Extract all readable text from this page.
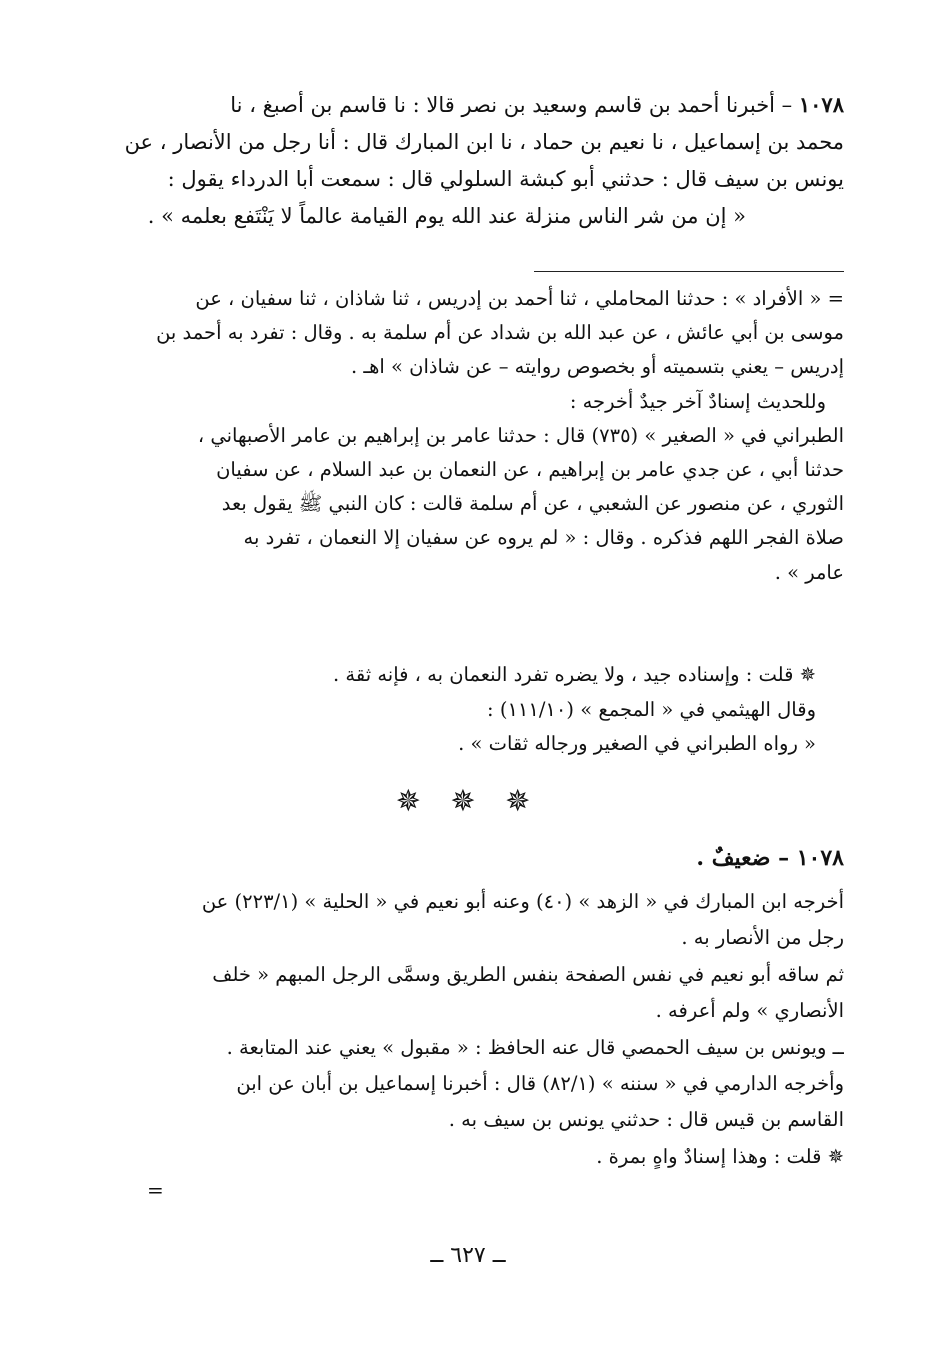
١٠٧٨ – أخبرنا أحمد بن قاسم وسعيد بن نصر قالا : نا قاسم بن أصبغ ، نا
محمد بن إسماعيل ، نا نعيم بن حماد ، نا ابن المبارك قال : أنا رجل من الأنصار ، عن
يونس بن سيف قال : حدثني أبو كبشة السلولي قال : سمعت أبا الدرداء يقول :
« إن من شر الناس منزلة عند الله يوم القيامة عالماً لا يَنْتَفع بعلمه » .
= « الأفراد » : حدثنا المحاملي ، ثنا أحمد بن إدريس ، ثنا شاذان ، ثنا سفيان ، عن
موسى بن أبي عائش ، عن عبد الله بن شداد عن أم سلمة به . وقال : تفرد به أحمد بن
إدريس – يعني بتسميته أو بخصوص روايته – عن شاذان » اهـ .
وللحديث إسنادٌ آخر جيدٌ أخرجه :
الطبراني في « الصغير » (٧٣٥) قال : حدثنا عامر بن إبراهيم بن عامر الأصبهاني ،
حدثنا أبي ، عن جدي عامر بن إبراهيم ، عن النعمان بن عبد السلام ، عن سفيان
الثوري ، عن منصور عن الشعبي ، عن أم سلمة قالت : كان النبي ﷺ يقول بعد
صلاة الفجر اللهم فذكره . وقال : « لم يروه عن سفيان إلا النعمان ، تفرد به
عامر » .
✵ قلت : وإسناده جيد ، ولا يضره تفرد النعمان به ، فإنه ثقة .
وقال الهيثمي في « المجمع » (١١١/١٠) :
« رواه الطبراني في الصغير ورجاله ثقات » .
✵ ✵ ✵
١٠٧٨ – ضعيفٌ .
أخرجه ابن المبارك في « الزهد » (٤٠) وعنه أبو نعيم في « الحلية » (٢٢٣/١) عن
رجل من الأنصار به .
ثم ساقه أبو نعيم في نفس الصفحة بنفس الطريق وسمَّى الرجل المبهم « خلف
الأنصاري » ولم أعرفه .
ــ ويونس بن سيف الحمصي قال عنه الحافظ : « مقبول » يعني عند المتابعة .
وأخرجه الدارمي في « سننه » (٨٢/١) قال : أخبرنا إسماعيل بن أبان عن ابن
القاسم بن قيس قال : حدثني يونس بن سيف به .
✵ قلت : وهذا إسنادٌ واهٍ بمرة .
=
ــ ٦٢٧ ــ
